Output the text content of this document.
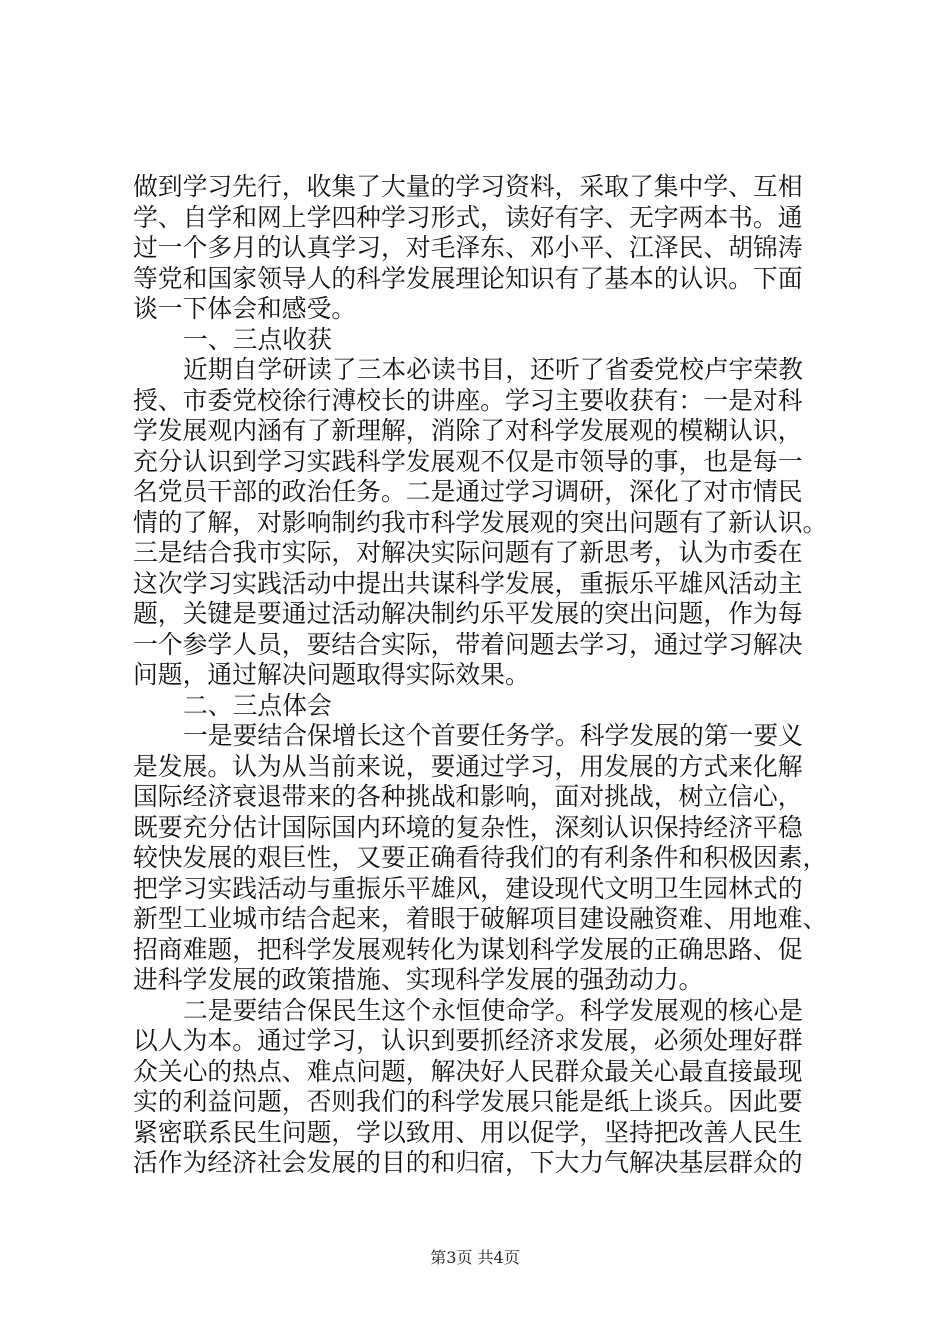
做到学习先行，收集了大量的学习资料，采取了集中学、互相
学、自学和网上学四种学习形式，读好有字、无字两本书。通
过一个多月的认真学习，对毛泽东、邓小平、江泽民、胡锦涛
等党和国家领导人的科学发展理论知识有了基本的认识。下面
谈一下体会和感受。
一、三点收获
近期自学研读了三本必读书目，还听了省委党校卢宇荣教
授、市委党校徐行溥校长的讲座。学习主要收获有：一是对科
学发展观内涵有了新理解，消除了对科学发展观的模糊认识，
充分认识到学习实践科学发展观不仅是市领导的事，也是每一
名党员干部的政治任务。二是通过学习调研，深化了对市情民
情的了解，对影响制约我市科学发展观的突出问题有了新认识。
三是结合我市实际，对解决实际问题有了新思考，认为市委在
这次学习实践活动中提出共谋科学发展，重振乐平雄风活动主
题，关键是要通过活动解决制约乐平发展的突出问题，作为每
一个参学人员，要结合实际，带着问题去学习，通过学习解决
问题，通过解决问题取得实际效果。
二、三点体会
一是要结合保增长这个首要任务学。科学发展的第一要义
是发展。认为从当前来说，要通过学习，用发展的方式来化解
国际经济衰退带来的各种挑战和影响，面对挑战，树立信心，
既要充分估计国际国内环境的复杂性，深刻认识保持经济平稳
较快发展的艰巨性，又要正确看待我们的有利条件和积极因素，
把学习实践活动与重振乐平雄风，建设现代文明卫生园林式的
新型工业城市结合起来，着眼于破解项目建设融资难、用地难、
招商难题，把科学发展观转化为谋划科学发展的正确思路、促
进科学发展的政策措施、实现科学发展的强劲动力。
二是要结合保民生这个永恒使命学。科学发展观的核心是
以人为本。通过学习，认识到要抓经济求发展，必须处理好群
众关心的热点、难点问题，解决好人民群众最关心最直接最现
实的利益问题，否则我们的科学发展只能是纸上谈兵。因此要
紧密联系民生问题，学以致用、用以促学，坚持把改善人民生
活作为经济社会发展的目的和归宿，下大力气解决基层群众的
第3页 共4页
